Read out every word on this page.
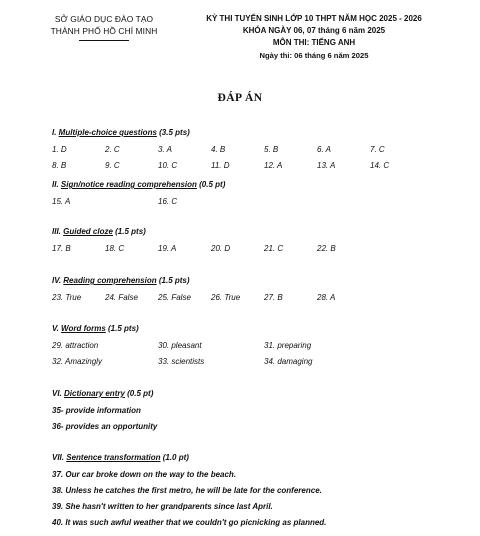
SỞ GIÁO DỤC ĐÀO TẠO
THÀNH PHỐ HỒ CHÍ MINH
KỲ THI TUYỂN SINH LỚP 10 THPT NĂM HỌC 2025 - 2026
KHÓA NGÀY 06, 07 tháng 6 năm 2025
MÔN THI: TIẾNG ANH
Ngày thi: 06 tháng 6 năm 2025
ĐÁP ÁN
I. Multiple-choice questions (3.5 pts)
1. D	2. C	3. A	4. B	5. B	6. A	7. C
8. B	9. C	10. C	11. D	12. A	13. A	14. C
II. Sign/notice reading comprehension (0.5 pt)
15. A	16. C
III. Guided cloze (1.5 pts)
17. B	18. C	19. A	20. D	21. C	22. B
IV. Reading comprehension (1.5 pts)
23. True	24. False	25. False	26. True	27. B	28. A
V. Word forms (1.5 pts)
29. attraction	30. pleasant	31. preparing
32. Amazingly	33. scientists	34. damaging
VI. Dictionary entry (0.5 pt)
35- provide information
36- provides an opportunity
VII. Sentence transformation (1.0 pt)
37. Our car broke down on the way to the beach.
38. Unless he catches the first metro, he will be late for the conference.
39. She hasn't written to her grandparents since last April.
40. It was such awful weather that we couldn't go picnicking as planned.
